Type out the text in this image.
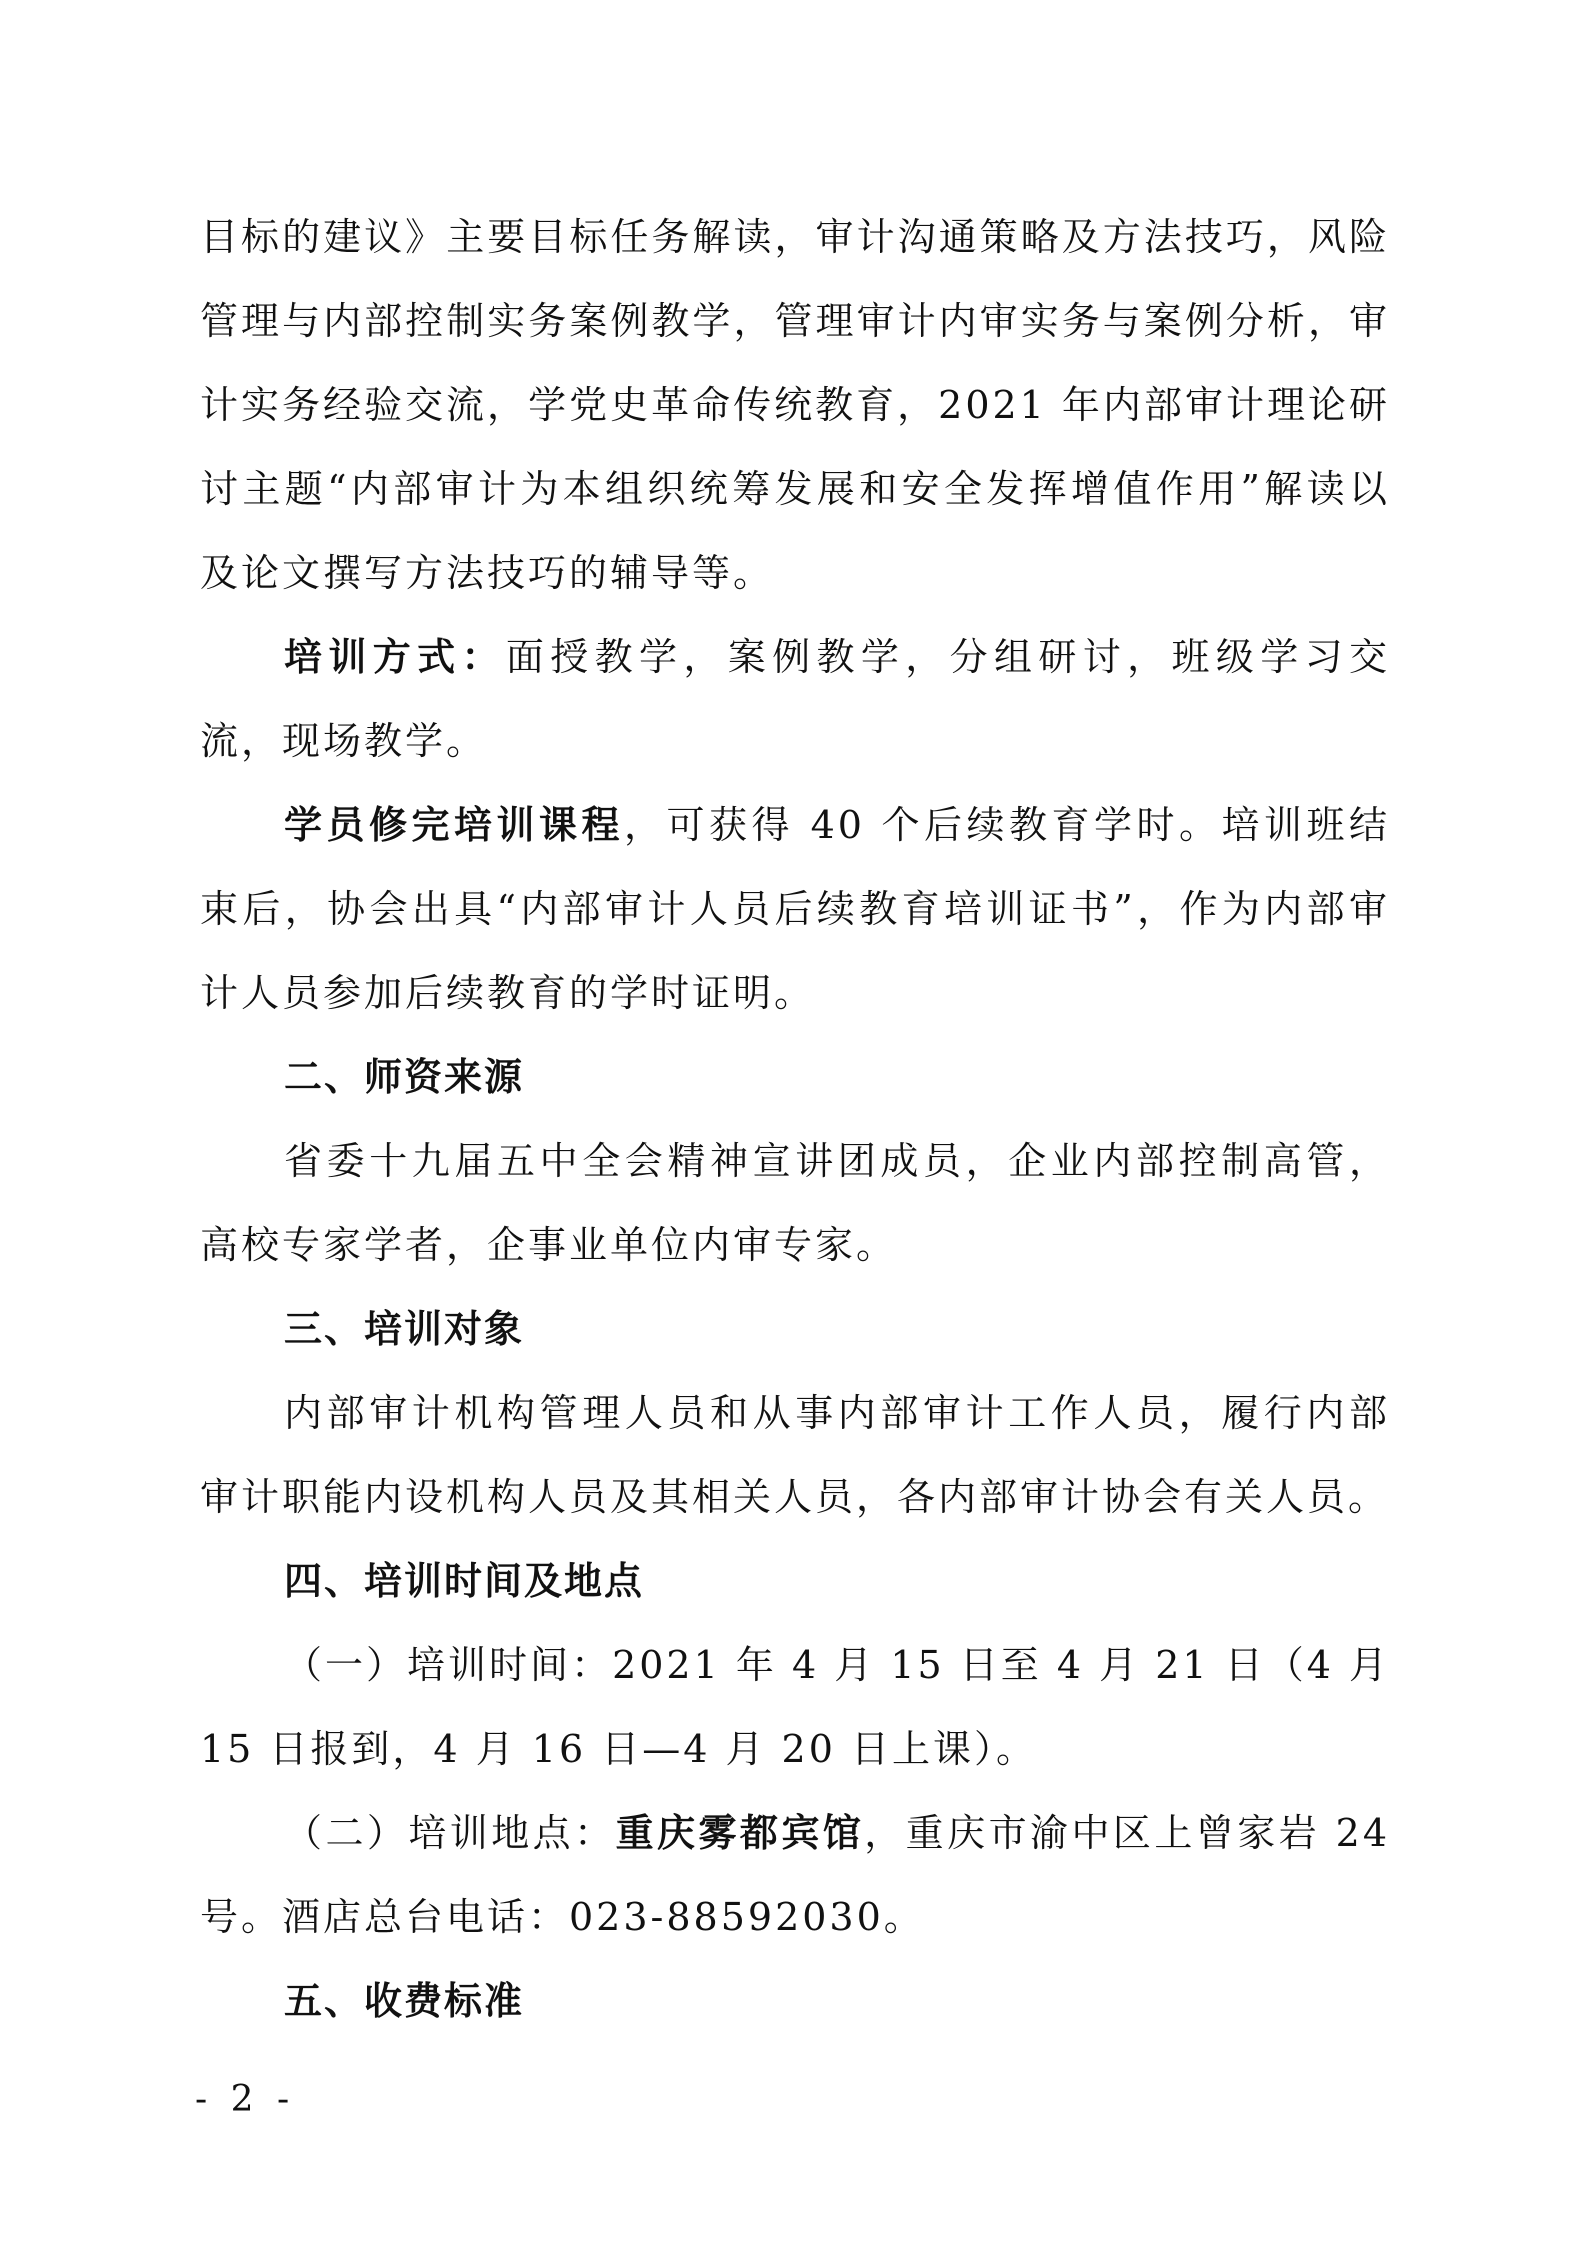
目标的建议》主要目标任务解读，审计沟通策略及方法技巧，风险管理与内部控制实务案例教学，管理审计内审实务与案例分析，审计实务经验交流，学党史革命传统教育，2021 年内部审计理论研讨主题“内部审计为本组织统筹发展和安全发挥增值作用”解读以及论文撰写方法技巧的辅导等。

培训方式：面授教学，案例教学，分组研讨，班级学习交流，现场教学。

学员修完培训课程，可获得 40 个后续教育学时。培训班结束后，协会出具“内部审计人员后续教育培训证书”，作为内部审计人员参加后续教育的学时证明。

二、师资来源

省委十九届五中全会精神宣讲团成员，企业内部控制高管，高校专家学者，企事业单位内审专家。

三、培训对象

内部审计机构管理人员和从事内部审计工作人员，履行内部审计职能内设机构人员及其相关人员，各内部审计协会有关人员。

四、培训时间及地点

（一）培训时间：2021 年 4 月 15 日至 4 月 21 日（4 月 15 日报到，4 月 16 日—4 月 20 日上课）。

（二）培训地点：重庆雾都宾馆，重庆市渝中区上曾家岩 24 号。酒店总台电话：023-88592030。

五、收费标准

- 2 -
